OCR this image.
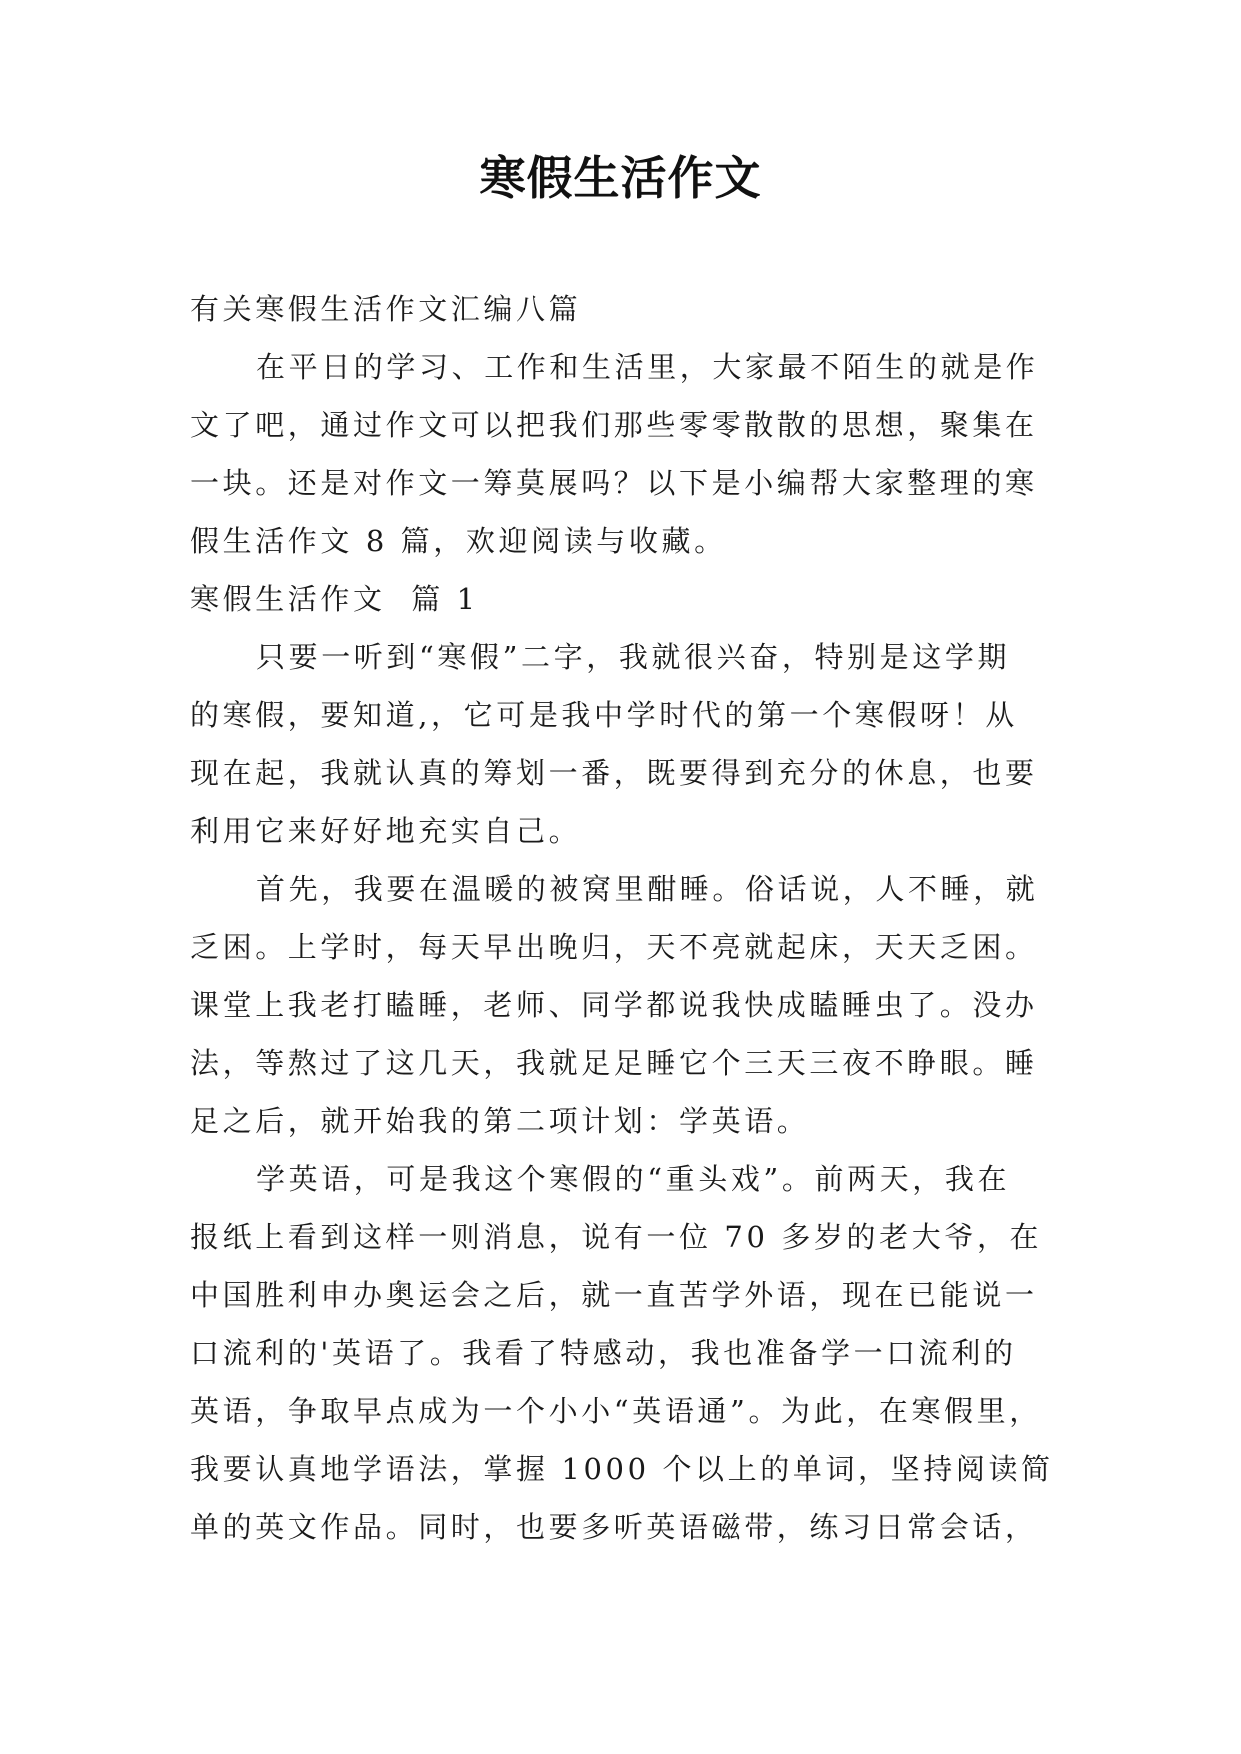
寒假生活作文
有关寒假生活作文汇编八篇
在平日的学习、工作和生活里，大家最不陌生的就是作
文了吧，通过作文可以把我们那些零零散散的思想，聚集在
一块。还是对作文一筹莫展吗？以下是小编帮大家整理的寒
假生活作文 8 篇，欢迎阅读与收藏。
寒假生活作文  篇 1
只要一听到“寒假”二字，我就很兴奋，特别是这学期
的寒假，要知道,，它可是我中学时代的第一个寒假呀！从
现在起，我就认真的筹划一番，既要得到充分的休息，也要
利用它来好好地充实自己。
首先，我要在温暖的被窝里酣睡。俗话说，人不睡，就
乏困。上学时，每天早出晚归，天不亮就起床，天天乏困。
课堂上我老打瞌睡，老师、同学都说我快成瞌睡虫了。没办
法，等熬过了这几天，我就足足睡它个三天三夜不睁眼。睡
足之后，就开始我的第二项计划：学英语。
学英语，可是我这个寒假的“重头戏”。前两天，我在
报纸上看到这样一则消息，说有一位 70 多岁的老大爷，在
中国胜利申办奥运会之后，就一直苦学外语，现在已能说一
口流利的'英语了。我看了特感动，我也准备学一口流利的
英语，争取早点成为一个小小“英语通”。为此，在寒假里，
我要认真地学语法，掌握 1000 个以上的单词，坚持阅读简
单的英文作品。同时，也要多听英语磁带，练习日常会话，
